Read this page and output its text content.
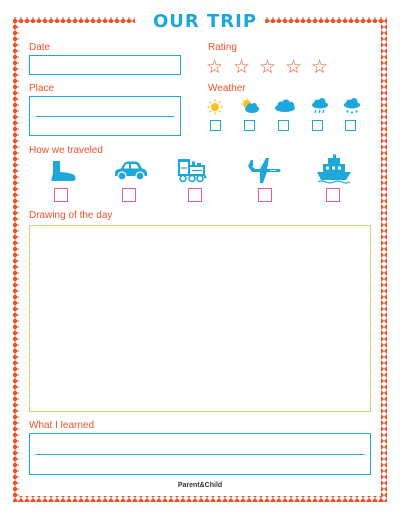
OUR TRIP
Date	Rating
☆ ☆ ☆ ☆ ☆
Place	Weather
How we traveled
Drawing of the day
What I learned
Parent&Child
